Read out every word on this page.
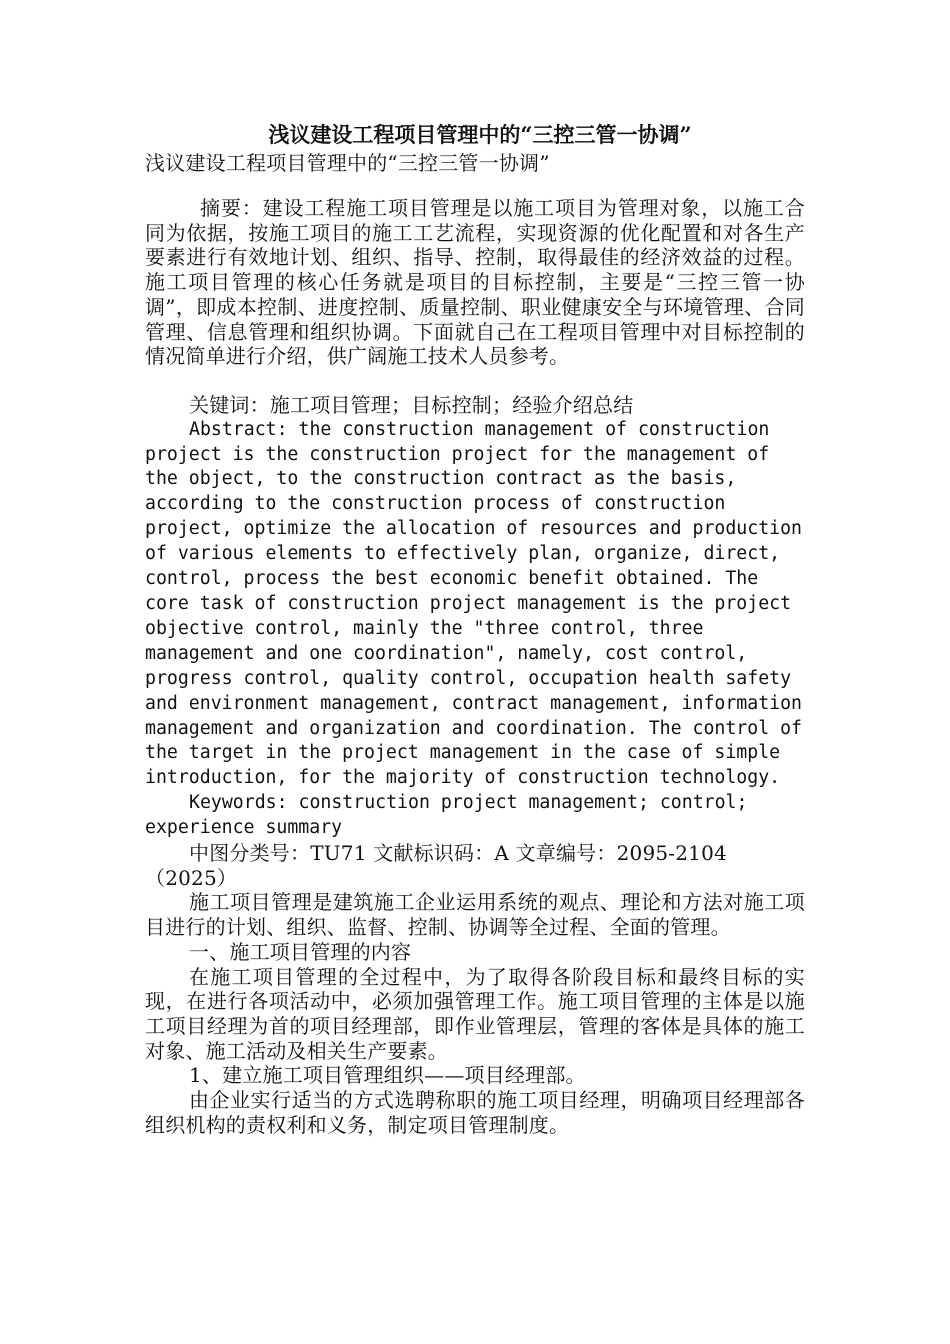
浅议建设工程项目管理中的“三控三管一协调”

浅议建设工程项目管理中的“三控三管一协调”

摘要：建设工程施工项目管理是以施工项目为管理对象，以施工合同为依据，按施工项目的施工工艺流程，实现资源的优化配置和对各生产要素进行有效地计划、组织、指导、控制，取得最佳的经济效益的过程。施工项目管理的核心任务就是项目的目标控制，主要是“三控三管一协调”，即成本控制、进度控制、质量控制、职业健康安全与环境管理、合同管理、信息管理和组织协调。下面就自己在工程项目管理中对目标控制的情况简单进行介绍，供广阔施工技术人员参考。

关键词：施工项目管理；目标控制；经验介绍总结

Abstract: the construction management of construction project is the construction project for the management of the object, to the construction contract as the basis, according to the construction process of construction project, optimize the allocation of resources and production of various elements to effectively plan, organize, direct, control, process the best economic benefit obtained. The core task of construction project management is the project objective control, mainly the "three control, three management and one coordination", namely, cost control, progress control, quality control, occupation health safety and environment management, contract management, information management and organization and coordination. The control of the target in the project management in the case of simple introduction, for the majority of construction technology.

Keywords: construction project management; control; experience summary

中图分类号：TU71 文献标识码：A 文章编号：2095-2104（2025）

施工项目管理是建筑施工企业运用系统的观点、理论和方法对施工项目进行的计划、组织、监督、控制、协调等全过程、全面的管理。

一、施工项目管理的内容

在施工项目管理的全过程中，为了取得各阶段目标和最终目标的实现，在进行各项活动中，必须加强管理工作。施工项目管理的主体是以施工项目经理为首的项目经理部，即作业管理层，管理的客体是具体的施工对象、施工活动及相关生产要素。

1、建立施工项目管理组织——项目经理部。

由企业实行适当的方式选聘称职的施工项目经理，明确项目经理部各组织机构的责权利和义务，制定项目管理制度。
